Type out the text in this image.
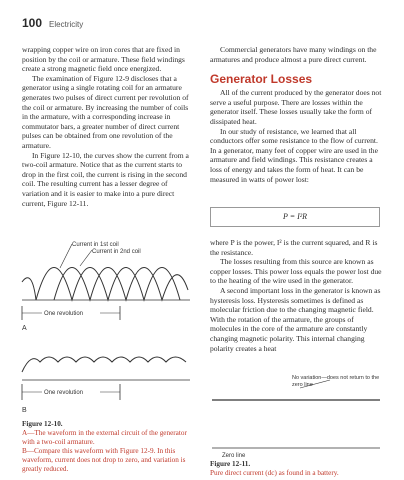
100 Electricity

wrapping copper wire on iron cores that are fixed in position by the coil or armature. These field windings create a strong magnetic field once energized.

The examination of Figure 12-9 discloses that a generator using a single rotating coil for an armature generates two pulses of direct current per revolution of the coil or armature. By increasing the number of coils in the armature, with a corresponding increase in commutator bars, a greater number of direct current pulses can be obtained from one revolution of the armature.

In Figure 12-10, the curves show the current from a two-coil armature. Notice that as the current starts to drop in the first coil, the current is rising in the second coil. The resulting current has a lesser degree of variation and it is easier to make into a pure direct current, Figure 12-11.

Commercial generators have many windings on the armatures and produce almost a pure direct current.

Generator Losses

All of the current produced by the generator does not serve a useful purpose. There are losses within the generator itself. These losses usually take the form of dissipated heat.

In our study of resistance, we learned that all conductors offer some resistance to the flow of current. In a generator, many feet of copper wire are used in the armature and field windings. This resistance creates a loss of energy and takes the form of heat. It can be measured in watts of power lost:

P = I²R

where P is the power, I² is the current squared, and R is the resistance.

The losses resulting from this source are known as copper losses. This power loss equals the power lost due to the heating of the wire used in the generator.

A second important loss in the generator is known as hysteresis loss. Hysteresis sometimes is defined as molecular friction due to the changing magnetic field. With the rotation of the armature, the groups of molecules in the core of the armature are constantly changing magnetic polarity. This internal changing polarity creates a heat

Current in 1st coil
Current in 2nd coil
One revolution
A
One revolution
B
Zero line
No variation—does not return to the zero line
Figure 12-10.
A—The waveform in the external circuit of the generator with a two-coil armature.
B—Compare this waveform with Figure 12-9. In this waveform, current does not drop to zero, and variation is greatly reduced.
Figure 12-11.
Pure direct current (dc) as found in a battery.
